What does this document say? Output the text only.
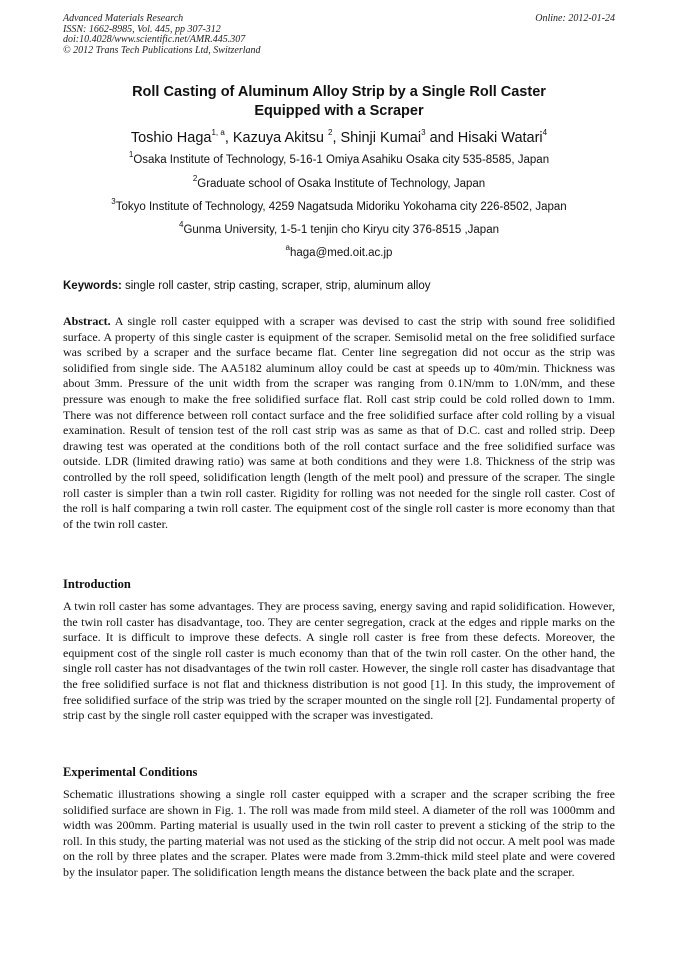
Advanced Materials Research
ISSN: 1662-8985, Vol. 445, pp 307-312
doi:10.4028/www.scientific.net/AMR.445.307
© 2012 Trans Tech Publications Ltd, Switzerland
Online: 2012-01-24
Roll Casting of Aluminum Alloy Strip by a Single Roll Caster
Equipped with a Scraper
Toshio Haga$^{1, a}$, Kazuya Akitsu $^2$, Shinji Kumai$^3$ and Hisaki Watari$^4$
$^1$Osaka Institute of Technology, 5-16-1 Omiya Asahiku Osaka city 535-8585, Japan
$^2$Graduate school of Osaka Institute of Technology, Japan
$^3$Tokyo Institute of Technology, 4259 Nagatsuda Midoriku Yokohama city 226-8502, Japan
$^4$Gunma University, 1-5-1 tenjin cho Kiryu city 376-8515 ,Japan
$^a$haga@med.oit.ac.jp
Keywords: single roll caster, strip casting, scraper, strip, aluminum alloy
Abstract. A single roll caster equipped with a scraper was devised to cast the strip with sound free solidified surface. A property of this single caster is equipment of the scraper. Semisolid metal on the free solidified surface was scribed by a scraper and the surface became flat. Center line segregation did not occur as the strip was solidified from single side. The AA5182 aluminum alloy could be cast at speeds up to 40m/min. Thickness was about 3mm. Pressure of the unit width from the scraper was ranging from 0.1N/mm to 1.0N/mm, and these pressure was enough to make the free solidified surface flat. Roll cast strip could be cold rolled down to 1mm. There was not difference between roll contact surface and the free solidified surface after cold rolling by a visual examination. Result of tension test of the roll cast strip was as same as that of D.C. cast and rolled strip. Deep drawing test was operated at the conditions both of the roll contact surface and the free solidified surface was outside. LDR (limited drawing ratio) was same at both conditions and they were 1.8. Thickness of the strip was controlled by the roll speed, solidification length (length of the melt pool) and pressure of the scraper. The single roll caster is simpler than a twin roll caster. Rigidity for rolling was not needed for the single roll caster. Cost of the roll is half comparing a twin roll caster. The equipment cost of the single roll caster is more economy than that of the twin roll caster.
Introduction
A twin roll caster has some advantages. They are process saving, energy saving and rapid solidification. However, the twin roll caster has disadvantage, too. They are center segregation, crack at the edges and ripple marks on the surface. It is difficult to improve these defects. A single roll caster is free from these defects. Moreover, the equipment cost of the single roll caster is much economy than that of the twin roll caster. On the other hand, the single roll caster has not disadvantages of the twin roll caster. However, the single roll caster has disadvantage that the free solidified surface is not flat and thickness distribution is not good [1]. In this study, the improvement of free solidified surface of the strip was tried by the scraper mounted on the single roll [2]. Fundamental property of strip cast by the single roll caster equipped with the scraper was investigated.
Experimental Conditions
Schematic illustrations showing a single roll caster equipped with a scraper and the scraper scribing the free solidified surface are shown in Fig. 1. The roll was made from mild steel. A diameter of the roll was 1000mm and width was 200mm. Parting material is usually used in the twin roll caster to prevent a sticking of the strip to the roll. In this study, the parting material was not used as the sticking of the strip did not occur. A melt pool was made on the roll by three plates and the scraper. Plates were made from 3.2mm-thick mild steel plate and were covered by the insulator paper. The solidification length means the distance between the back plate and the scraper.
